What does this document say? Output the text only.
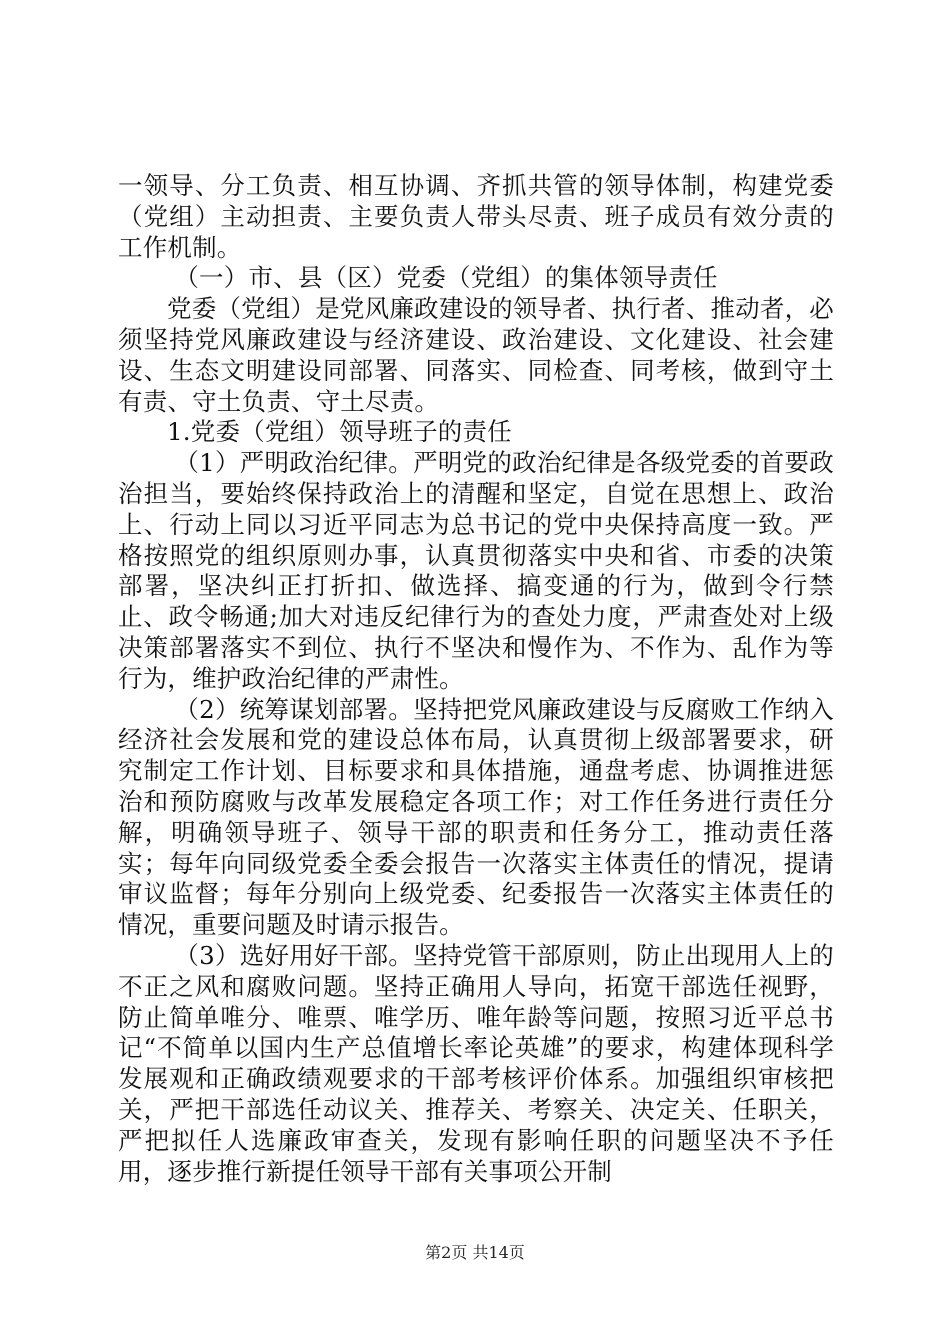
一领导、分工负责、相互协调、齐抓共管的领导体制，构建党委（党组）主动担责、主要负责人带头尽责、班子成员有效分责的工作机制。

（一）市、县（区）党委（党组）的集体领导责任

党委（党组）是党风廉政建设的领导者、执行者、推动者，必须坚持党风廉政建设与经济建设、政治建设、文化建设、社会建设、生态文明建设同部署、同落实、同检查、同考核，做到守土有责、守土负责、守土尽责。

1.党委（党组）领导班子的责任

（1）严明政治纪律。严明党的政治纪律是各级党委的首要政治担当，要始终保持政治上的清醒和坚定，自觉在思想上、政治上、行动上同以习近平同志为总书记的党中央保持高度一致。严格按照党的组织原则办事，认真贯彻落实中央和省、市委的决策部署，坚决纠正打折扣、做选择、搞变通的行为，做到令行禁止、政令畅通;加大对违反纪律行为的查处力度，严肃查处对上级决策部署落实不到位、执行不坚决和慢作为、不作为、乱作为等行为，维护政治纪律的严肃性。

（2）统筹谋划部署。坚持把党风廉政建设与反腐败工作纳入经济社会发展和党的建设总体布局，认真贯彻上级部署要求，研究制定工作计划、目标要求和具体措施，通盘考虑、协调推进惩治和预防腐败与改革发展稳定各项工作；对工作任务进行责任分解，明确领导班子、领导干部的职责和任务分工，推动责任落实；每年向同级党委全委会报告一次落实主体责任的情况，提请审议监督；每年分别向上级党委、纪委报告一次落实主体责任的情况，重要问题及时请示报告。

（3）选好用好干部。坚持党管干部原则，防止出现用人上的不正之风和腐败问题。坚持正确用人导向，拓宽干部选任视野，防止简单唯分、唯票、唯学历、唯年龄等问题，按照习近平总书记“不简单以国内生产总值增长率论英雄”的要求，构建体现科学发展观和正确政绩观要求的干部考核评价体系。加强组织审核把关，严把干部选任动议关、推荐关、考察关、决定关、任职关，严把拟任人选廉政审查关，发现有影响任职的问题坚决不予任用，逐步推行新提任领导干部有关事项公开制

第2页 共14页
